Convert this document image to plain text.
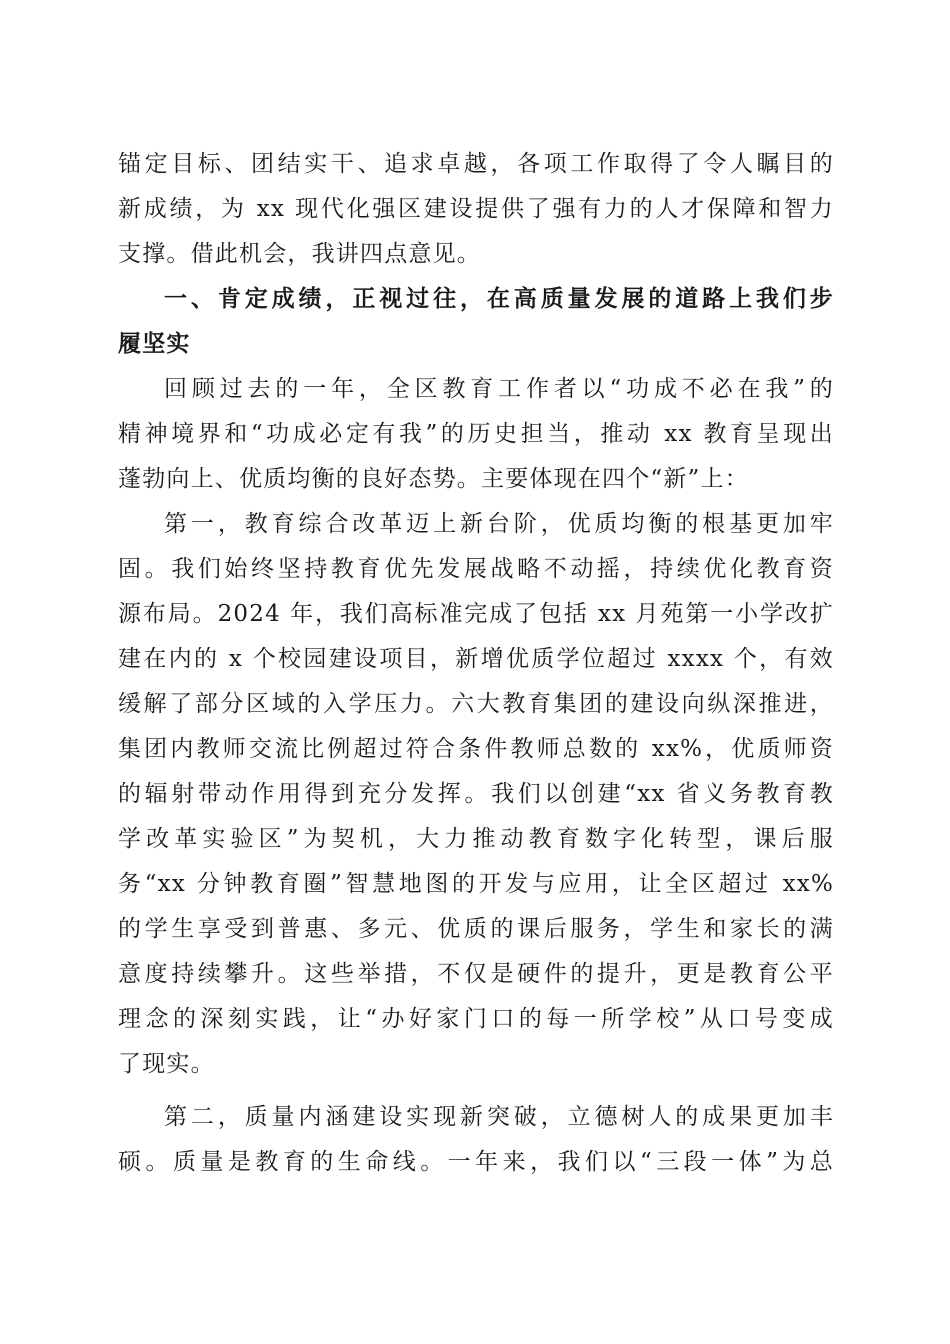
锚定目标、团结实干、追求卓越，各项工作取得了令人瞩目的
新成绩，为 xx 现代化强区建设提供了强有力的人才保障和智力
支撑。借此机会，我讲四点意见。
一、肯定成绩，正视过往，在高质量发展的道路上我们步
履坚实
回顾过去的一年，全区教育工作者以“功成不必在我”的
精神境界和“功成必定有我”的历史担当，推动 xx 教育呈现出
蓬勃向上、优质均衡的良好态势。主要体现在四个“新”上：
第一，教育综合改革迈上新台阶，优质均衡的根基更加牢
固。我们始终坚持教育优先发展战略不动摇，持续优化教育资
源布局。2024 年，我们高标准完成了包括 xx 月苑第一小学改扩
建在内的 x 个校园建设项目，新增优质学位超过 xxxx 个，有效
缓解了部分区域的入学压力。六大教育集团的建设向纵深推进，
集团内教师交流比例超过符合条件教师总数的 xx%，优质师资
的辐射带动作用得到充分发挥。我们以创建“xx 省义务教育教
学改革实验区”为契机，大力推动教育数字化转型，课后服
务“xx 分钟教育圈”智慧地图的开发与应用，让全区超过 xx%
的学生享受到普惠、多元、优质的课后服务，学生和家长的满
意度持续攀升。这些举措，不仅是硬件的提升，更是教育公平
理念的深刻实践，让“办好家门口的每一所学校”从口号变成
了现实。
第二，质量内涵建设实现新突破，立德树人的成果更加丰
硕。质量是教育的生命线。一年来，我们以“三段一体”为总
